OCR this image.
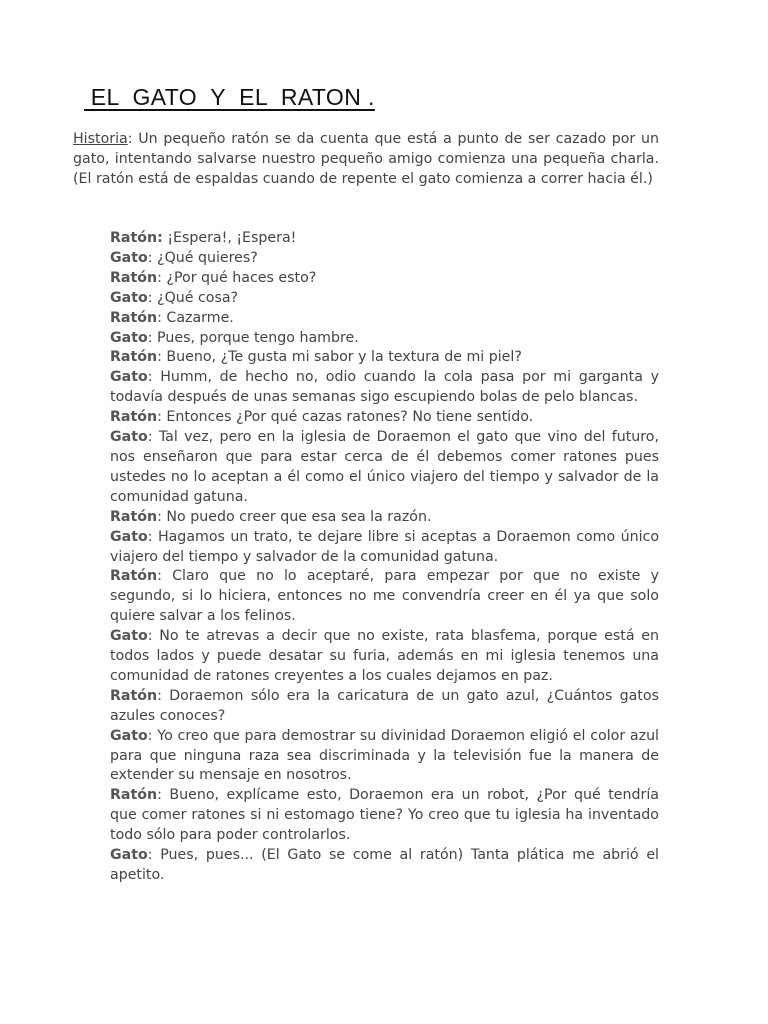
EL  GATO  Y  EL  RATON .

Historia: Un pequeño ratón se da cuenta que está a punto de ser cazado por un gato, intentando salvarse nuestro pequeño amigo comienza una pequeña charla. (El ratón está de espaldas cuando de repente el gato comienza a correr hacia él.)

Ratón: ¡Espera!, ¡Espera!

Gato: ¿Qué quieres?

Ratón: ¿Por qué haces esto?

Gato: ¿Qué cosa?

Ratón: Cazarme.

Gato: Pues, porque tengo hambre.

Ratón: Bueno, ¿Te gusta mi sabor y la textura de mi piel?

Gato: Humm, de hecho no, odio cuando la cola pasa por mi garganta y todavía después de unas semanas sigo escupiendo bolas de pelo blancas.

Ratón: Entonces ¿Por qué cazas ratones? No tiene sentido.

Gato: Tal vez, pero en la iglesia de Doraemon el gato que vino del futuro, nos enseñaron que para estar cerca de él debemos comer ratones pues ustedes no lo aceptan a él como el único viajero del tiempo y salvador de la comunidad gatuna.

Ratón: No puedo creer que esa sea la razón.

Gato: Hagamos un trato, te dejare libre si aceptas a Doraemon como único viajero del tiempo y salvador de la comunidad gatuna.

Ratón: Claro que no lo aceptaré, para empezar por que no existe y segundo, si lo hiciera, entonces no me convendría creer en él ya que solo quiere salvar a los felinos.

Gato: No te atrevas a decir que no existe, rata blasfema, porque está en todos lados y puede desatar su furia, además en mi iglesia tenemos una comunidad de ratones creyentes a los cuales dejamos en paz.

Ratón: Doraemon sólo era la caricatura de un gato azul, ¿Cuántos gatos azules conoces?

Gato: Yo creo que para demostrar su divinidad Doraemon eligió el color azul para que ninguna raza sea discriminada y la televisión fue la manera de extender su mensaje en nosotros.

Ratón: Bueno, explícame esto, Doraemon era un robot, ¿Por qué tendría que comer ratones si ni estomago tiene? Yo creo que tu iglesia ha inventado todo sólo para poder controlarlos.

Gato: Pues, pues... (El Gato se come al ratón) Tanta plática me abrió el apetito.
